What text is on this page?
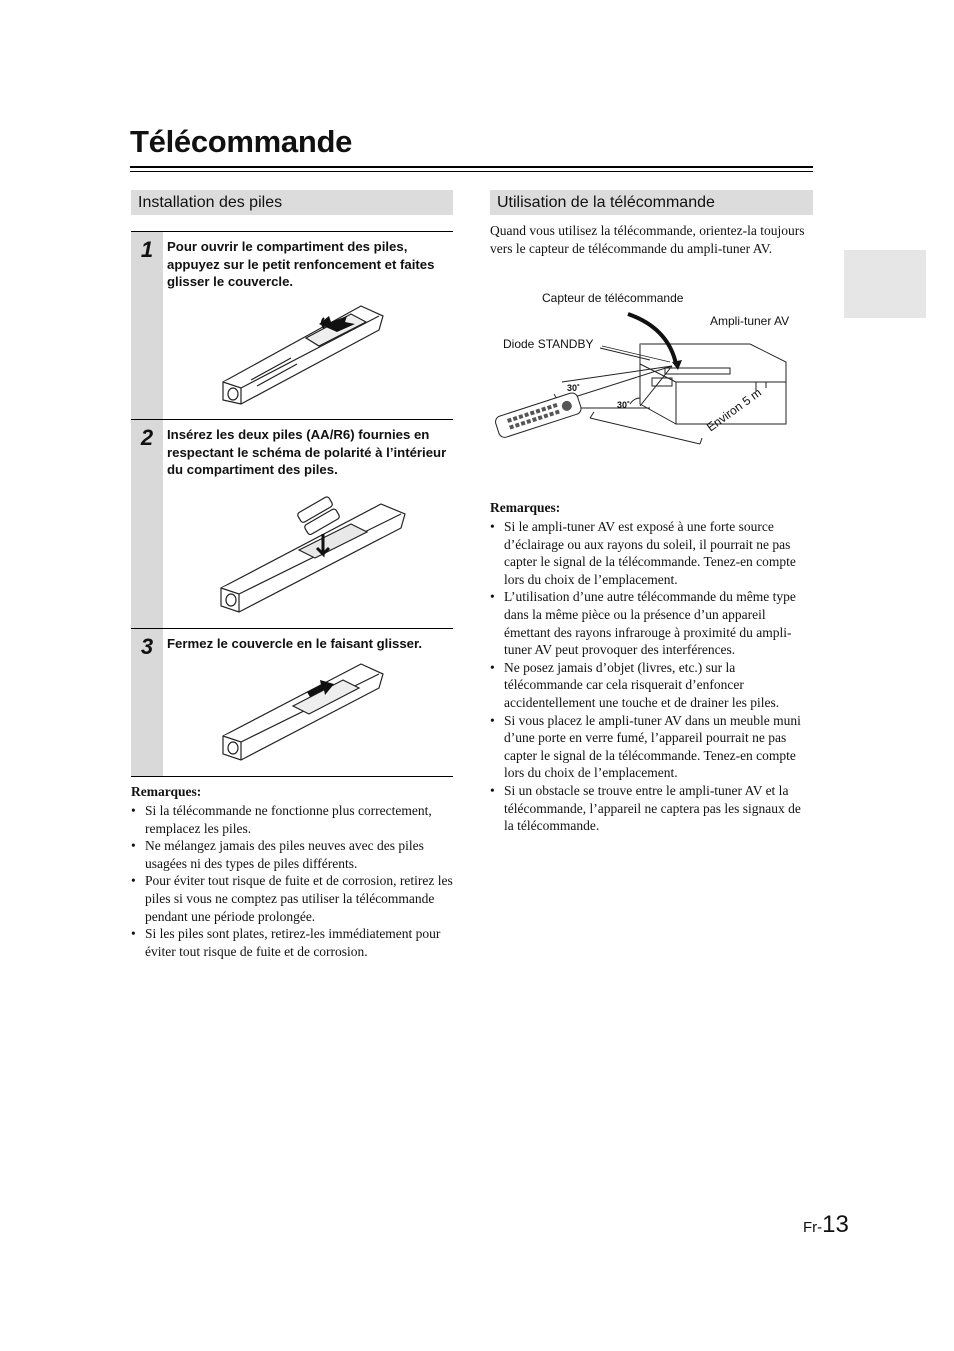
Télécommande
Installation des piles
1	Pour ouvrir le compartiment des piles, appuyez sur le petit renfoncement et faites glisser le couvercle.
2	Insérez les deux piles (AA/R6) fournies en respectant le schéma de polarité à l’intérieur du compartiment des piles.
3	Fermez le couvercle en le faisant glisser.
Remarques:
• Si la télécommande ne fonctionne plus correctement, remplacez les piles.
• Ne mélangez jamais des piles neuves avec des piles usagées ni des types de piles différents.
• Pour éviter tout risque de fuite et de corrosion, retirez les piles si vous ne comptez pas utiliser la télécommande pendant une période prolongée.
• Si les piles sont plates, retirez-les immédiatement pour éviter tout risque de fuite et de corrosion.
Utilisation de la télécommande
Quand vous utilisez la télécommande, orientez-la toujours vers le capteur de télécommande du ampli-tuner AV.
Capteur de télécommande
Ampli-tuner AV
Diode STANDBY
30˚
30˚	Environ 5 m
Remarques:
• Si le ampli-tuner AV est exposé à une forte source d’éclairage ou aux rayons du soleil, il pourrait ne pas capter le signal de la télécommande. Tenez-en compte lors du choix de l’emplacement.
• L’utilisation d’une autre télécommande du même type dans la même pièce ou la présence d’un appareil émettant des rayons infrarouge à proximité du ampli-tuner AV peut provoquer des interférences.
• Ne posez jamais d’objet (livres, etc.) sur la télécommande car cela risquerait d’enfoncer accidentellement une touche et de drainer les piles.
• Si vous placez le ampli-tuner AV dans un meuble muni d’une porte en verre fumé, l’appareil pourrait ne pas capter le signal de la télécommande. Tenez-en compte lors du choix de l’emplacement.
• Si un obstacle se trouve entre le ampli-tuner AV et la télécommande, l’appareil ne captera pas les signaux de la télécommande.
Fr-13
